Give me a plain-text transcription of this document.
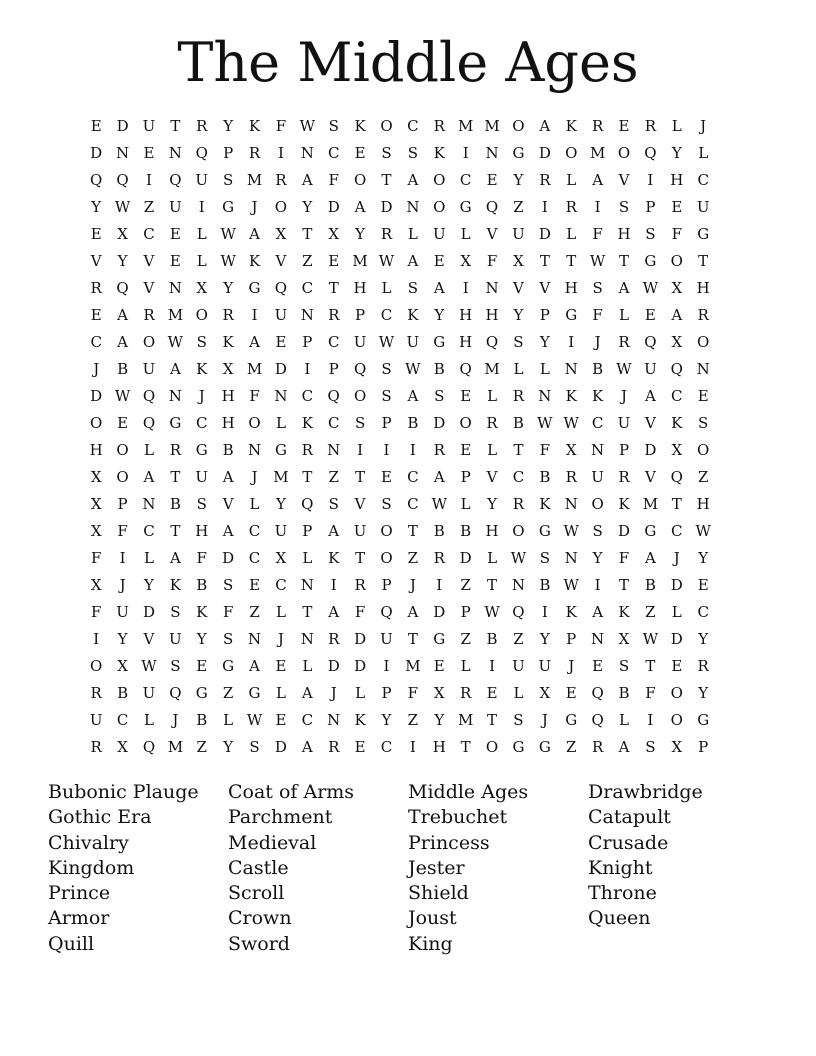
The Middle Ages
E D U	T	R	Y	K	F W S	K O C	R M M O A	K	R	E	R	L	J
D N E N Q	P	R	I	N C	E	S	S	K	I	N G D O M O Q	Y	L
Q Q	I	Q U S M R	A	F	O	T	A O C	E	Y	R	L	A	V	I	H C
Y W Z U	I	G	J	O	Y	D A D N O G Q	Z	I	R	I	S	P	E U
E	X	C	E	L W A	X	T	X	Y	R	L	U	L	V U D	L	F H S	F	G
V	Y	V	E	L W K	V	Z	E M W A	E	X	F	X	T	T W T	G O	T
R Q V N X	Y	G Q C	T H L	S	A	I	N V	V H S	A W X H
E	A	R M O R	I	U N R	P	C	K	Y H H Y	P	G	F	L	E	A	R
C	A O W S	K	A	E	P	C U W U G H Q	S	Y	I	J	R Q X O
J	B U A	K	X M D	I	P	Q	S W B Q M L	L N B W U Q N
D W Q N	J	H F N C Q O	S	A	S	E	L	R N K	K	J	A	C	E
O E Q G C H O	L	K	C	S	P	B D O R	B W W C U V	K	S
H O	L	R G B N G R N	I	I	I	R	E	L	T	F	X N P	D	X O
X O A	T	U A	J	M T	Z	T	E	C	A	P	V	C	B	R U R	V Q	Z
X	P N B	S	V	L	Y	Q	S	V	S	C W L	Y	R	K N O K M T H
X	F	C	T H A	C U	P	A U O	T	B	B H O G W S	D G C W
F	I	L	A	F	D C	X	L	K	T	O	Z	R D	L W S N Y	F	A	J	Y
X	J	Y	K	B	S	E	C N	I	R	P	J	I	Z	T N B W	I	T	B D E
F U D	S	K	F	Z	L	T	A	F	Q A D	P W Q	I	K	A	K	Z	L	C
I	Y	V U	Y	S N	J	N R D U	T	G	Z	B	Z	Y	P N X W D	Y
O X W S	E G A	E	L	D D	I	M E	L	I	U U	J	E	S	T	E	R
R	B U Q G	Z	G	L	A	J	L	P	F	X	R	E	L	X	E Q B	F	O	Y
U C	L	J	B	L W E	C N K	Y	Z	Y M T	S	J	G Q	L	I	O G
R	X Q M Z	Y	S	D A	R	E	C	I	H T	O G G	Z	R	A	S	X	P
Bubonic Plauge
Gothic Era
Chivalry
Kingdom
Prince
Armor
Quill
Coat of Arms
Parchment
Medieval
Castle
Scroll
Crown
Sword
Middle Ages
Trebuchet
Princess
Jester
Shield
Joust
King
Drawbridge
Catapult
Crusade
Knight
Throne
Queen
